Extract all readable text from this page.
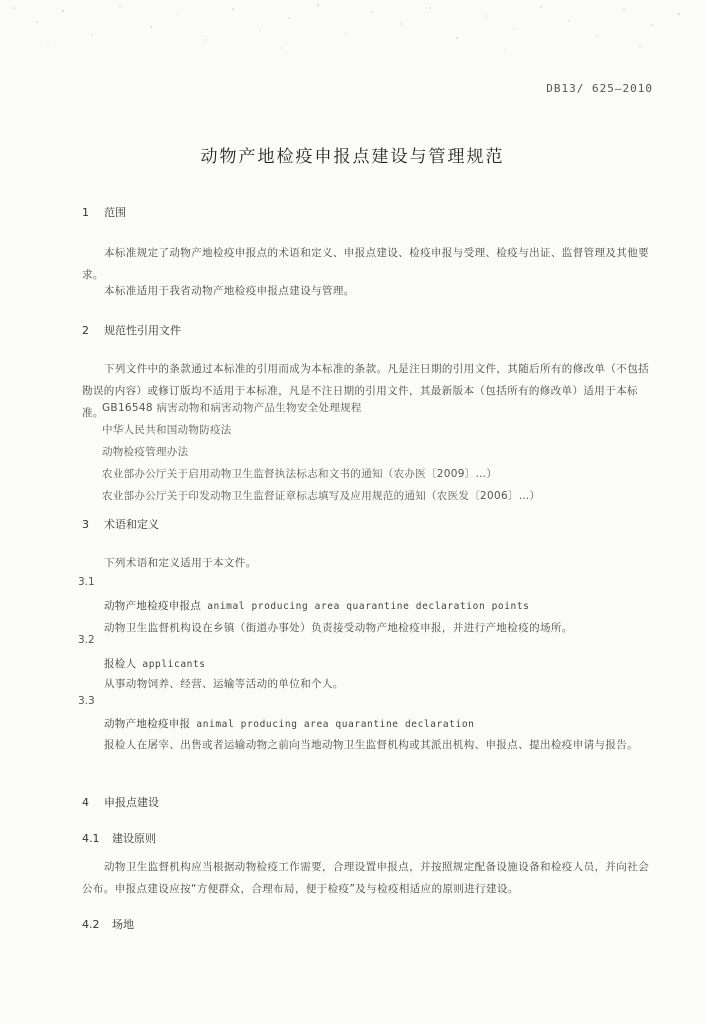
DB13/ 625—2010
动物产地检疫申报点建设与管理规范
1 范围
本标准规定了动物产地检疫申报点的术语和定义、申报点建设、检疫申报与受理、检疫与出证、监督管理及其他要求。
本标准适用于我省动物产地检疫申报点建设与管理。
2 规范性引用文件
下列文件中的条款通过本标准的引用而成为本标准的条款。凡是注日期的引用文件，其随后所有的修改单（不包括勘误的内容）或修订版均不适用于本标准，凡是不注日期的引用文件，其最新版本（包括所有的修改单）适用于本标准。
GB16548 病害动物和病害动物产品生物安全处理规程
中华人民共和国动物防疫法
动物检疫管理办法
农业部办公厅关于启用动物卫生监督执法标志和文书的通知（农办医〔2009〕…）
农业部办公厅关于印发动物卫生监督证章标志填写及应用规范的通知（农医发〔2006〕…）
3 术语和定义
下列术语和定义适用于本文件。
3.1
动物产地检疫申报点 animal producing area quarantine declaration points
动物卫生监督机构设在乡镇（街道办事处）负责接受动物产地检疫申报，并进行产地检疫的场所。
3.2
报检人 applicants
从事动物饲养、经营、运输等活动的单位和个人。
3.3
动物产地检疫申报 animal producing area quarantine declaration
报检人在屠宰、出售或者运输动物之前向当地动物卫生监督机构或其派出机构、申报点、提出检疫申请与报告。
4 申报点建设
4.1 建设原则
动物卫生监督机构应当根据动物检疫工作需要，合理设置申报点，并按照规定配备设施设备和检疫人员，并向社会公布。申报点建设应按“方便群众，合理布局，便于检疫”及与检疫相适应的原则进行建设。
4.2 场地
